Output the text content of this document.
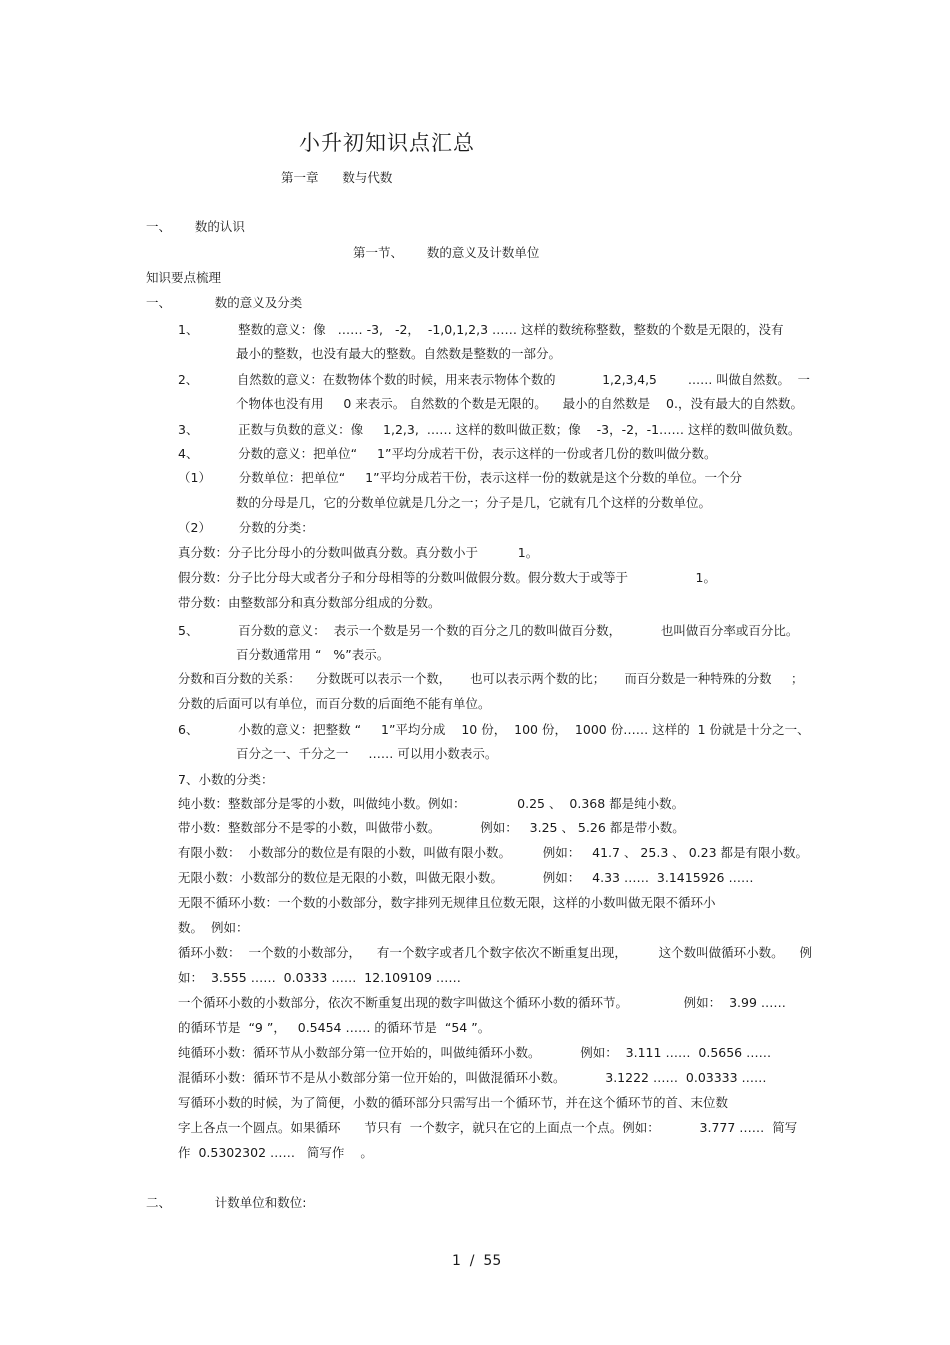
小升初知识点汇总
第一章      数与代数
一、      数的认识
第一节、      数的意义及计数单位
知识要点梳理
一、           数的意义及分类
1、          整数的意义：像   …… -3,   -2，  -1,0,1,2,3 …… 这样的数统称整数，整数的个数是无限的，没有
最小的整数，也没有最大的整数。自然数是整数的一部分。
2、          自然数的意义：在数物体个数的时候，用来表示物体个数的            1,2,3,4,5        …… 叫做自然数。  一
个物体也没有用     0 来表示。 自然数的个数是无限的。    最小的自然数是    0.，没有最大的自然数。
3、          正数与负数的意义：像     1,2,3,  …… 这样的数叫做正数；像    -3，-2，-1…… 这样的数叫做负数。
4、          分数的意义：把单位“     1”平均分成若干份，表示这样的一份或者几份的数叫做分数。
（1）       分数单位：把单位“     1”平均分成若干份，表示这样一份的数就是这个分数的单位。一个分
数的分母是几，它的分数单位就是几分之一；分子是几，它就有几个这样的分数单位。
（2）       分数的分类：
真分数：分子比分母小的分数叫做真分数。真分数小于          1。
假分数：分子比分母大或者分子和分母相等的分数叫做假分数。假分数大于或等于                 1。
带分数：由整数部分和真分数部分组成的分数。
5、          百分数的意义：  表示一个数是另一个数的百分之几的数叫做百分数，          也叫做百分率或百分比。
百分数通常用 “   %”表示。
分数和百分数的关系：    分数既可以表示一个数，     也可以表示两个数的比；     而百分数是一种特殊的分数     ；
分数的后面可以有单位，而百分数的后面绝不能有单位。
6、          小数的意义：把整数 “     1”平均分成    10 份，  100 份，  1000 份…… 这样的  1 份就是十分之一、
百分之一、千分之一     …… 可以用小数表示。
7、小数的分类：
纯小数：整数部分是零的小数，叫做纯小数。例如：             0.25 、  0.368 都是纯小数。
带小数：整数部分不是零的小数，叫做带小数。          例如：   3.25 、 5.26 都是带小数。
有限小数：  小数部分的数位是有限的小数，叫做有限小数。        例如：   41.7 、 25.3 、 0.23 都是有限小数。
无限小数：小数部分的数位是无限的小数，叫做无限小数。          例如：   4.33 ……  3.1415926 ……
无限不循环小数：一个数的小数部分，数字排列无规律且位数无限，这样的小数叫做无限不循环小
数。  例如：
循环小数：  一个数的小数部分，    有一个数字或者几个数字依次不断重复出现，        这个数叫做循环小数。    例
如：  3.555 ……  0.0333 ……  12.109109 ……
一个循环小数的小数部分，依次不断重复出现的数字叫做这个循环小数的循环节。              例如：  3.99 ……
的循环节是  “9 ”，   0.5454 …… 的循环节是  “54 ”。
纯循环小数：循环节从小数部分第一位开始的，叫做纯循环小数。          例如：  3.111 ……  0.5656 ……
混循环小数：循环节不是从小数部分第一位开始的，叫做混循环小数。          3.1222 ……  0.03333 ……
写循环小数的时候，为了简便，小数的循环部分只需写出一个循环节，并在这个循环节的首、末位数
字上各点一个圆点。如果循环      节只有  一个数字，就只在它的上面点一个点。例如：          3.777 ……  简写
作  0.5302302 ……   简写作    。
二、           计数单位和数位:
1  /  55
